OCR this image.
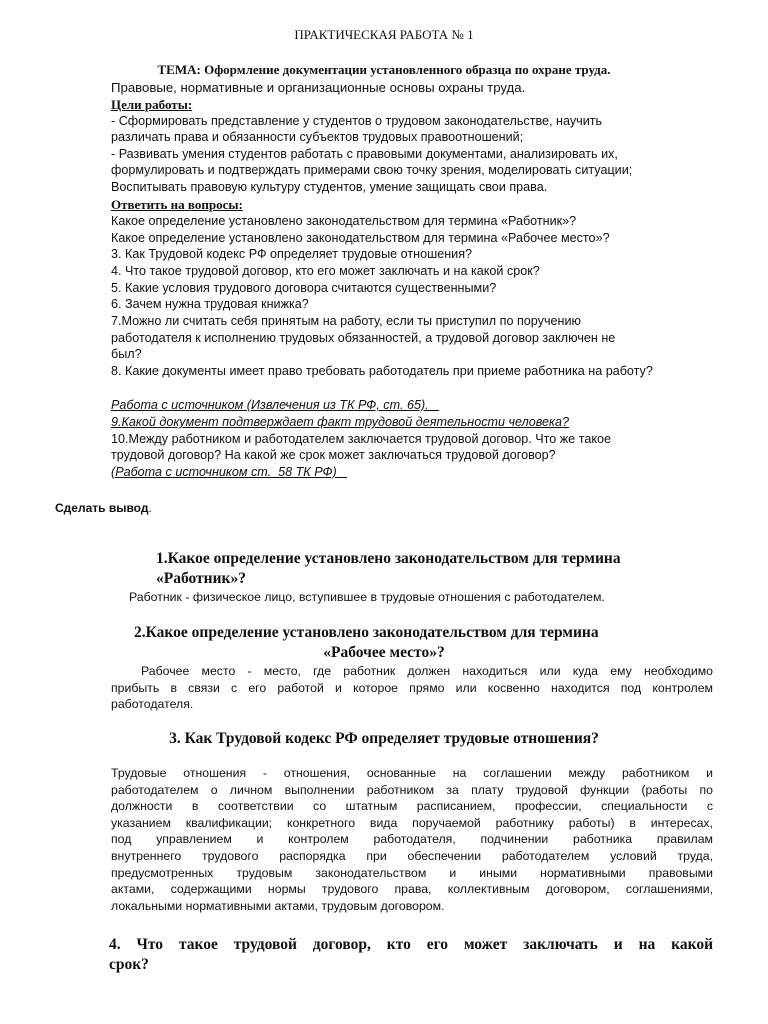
ПРАКТИЧЕСКАЯ РАБОТА № 1
ТЕМА: Оформление документации установленного образца по охране труда.
Правовые, нормативные и организационные основы охраны труда.
Цели работы:
- Сформировать представление у студентов о трудовом законодательстве, научить
различать права и обязанности субъектов трудовых правоотношений;
- Развивать умения студентов работать с правовыми документами, анализировать их,
формулировать и подтверждать примерами свою точку зрения, моделировать ситуации;
Воспитывать правовую культуру студентов, умение защищать свои права.
Ответить на вопросы:
Какое определение установлено законодательством для термина «Работник»?
Какое определение установлено законодательством для термина «Рабочее место»?
3. Как Трудовой кодекс РФ определяет трудовые отношения?
4. Что такое трудовой договор, кто его может заключать и на какой срок?
5. Какие условия трудового договора считаются существенными?
6. Зачем нужна трудовая книжка?
7.Можно ли считать себя принятым на работу, если ты приступил по поручению
работодателя к исполнению трудовых обязанностей, а трудовой договор заключен не
был?
8. Какие документы имеет право требовать работодатель при приеме работника на работу?
Работа с источником (Извлечения из ТК РФ, ст. 65).
9.Какой документ подтверждает факт трудовой деятельности человека?
10.Между работником и работодателем заключается трудовой договор. Что же такое
трудовой договор? На какой же срок может заключаться трудовой договор?
(Работа с источником ст.  58 ТК РФ)
Сделать вывод.
1.Какое определение установлено законодательством для термина
«Работник»?
Работник - физическое лицо, вступившее в трудовые отношения с работодателем.
2.Какое определение установлено законодательством для термина
«Рабочее место»?
Рабочее место - место, где работник должен находиться или куда ему необходимо
прибыть в связи с его работой и которое прямо или косвенно находится под контролем
работодателя.
3. Как Трудовой кодекс РФ определяет трудовые отношения?
Трудовые отношения - отношения, основанные на соглашении между работником и
работодателем о личном выполнении работником за плату трудовой функции (работы по
должности в соответствии со штатным расписанием, профессии, специальности с
указанием квалификации; конкретного вида поручаемой работнику работы) в интересах,
под управлением и контролем работодателя, подчинении работника правилам
внутреннего трудового распорядка при обеспечении работодателем условий труда,
предусмотренных трудовым законодательством и иными нормативными правовыми
актами, содержащими нормы трудового права, коллективным договором, соглашениями,
локальными нормативными актами, трудовым договором.
4. Что такое трудовой договор, кто его может заключать и на какой
срок?
